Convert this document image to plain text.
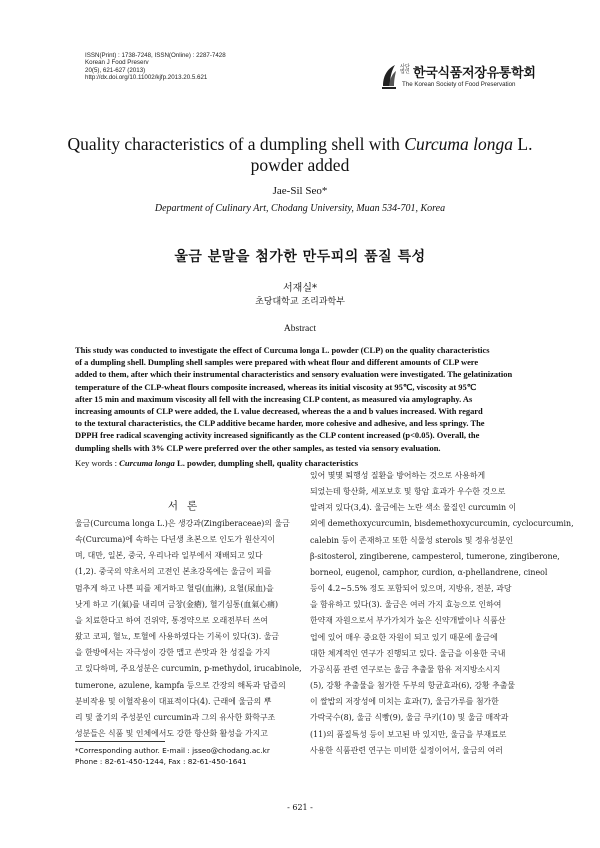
ISSN(Print) : 1738-7248, ISSN(Online) : 2287-7428
Korean J Food Preserv
20(5), 621-627 (2013)
http://dx.doi.org/10.11002/kjfp.2013.20.5.621
사단
법인 한국식품저장유통학회
The Korean Society of Food Preservation
Quality characteristics of a dumpling shell with Curcuma longa L.
powder added
Jae-Sil Seo*
Department of Culinary Art, Chodang University, Muan 534-701, Korea
울금 분말을 첨가한 만두피의 품질 특성
서재실*
초당대학교 조리과학부
Abstract
This study was conducted to investigate the effect of Curcuma longa L. powder (CLP) on the quality characteristics
of a dumpling shell. Dumpling shell samples were prepared with wheat flour and different amounts of CLP were
added to them, after which their instrumental characteristics and sensory evaluation were investigated. The gelatinization
temperature of the CLP-wheat flours composite increased, whereas its initial viscosity at 95℃, viscosity at 95℃
after 15 min and maximum viscosity all fell with the increasing CLP content, as measured via amylography. As
increasing amounts of CLP were added, the L value decreased, whereas the a and b values increased. With regard
to the textural characteristics, the CLP additive became harder, more cohesive and adhesive, and less springy. The
DPPH free radical scavenging activity increased significantly as the CLP content increased (p<0.05). Overall, the
dumpling shells with 3% CLP were preferred over the other samples, as tested via sensory evaluation.
Key words : Curcuma longa L. powder, dumpling shell, quality characteristics
서론
울금(Curcuma longa L.)은 생강과(Zingiberaceae)의 울금
속(Curcuma)에 속하는 다년생 초본으로 인도가 원산지이
며, 대만, 일본, 중국, 우리나라 일부에서 재배되고 있다
(1,2). 중국의 약초서의 고전인 본초강목에는 울금이 피를
멈추게 하고 나쁜 피를 제거하고 혈림(血淋), 요혈(尿血)을
낫게 하고 기(氣)를 내리며 금창(金瘡), 혈기심통(血氣心痛)
을 치료한다고 하여 건위약, 통경약으로 오래전부터 쓰여
왔고 코피, 혈뇨, 토혈에 사용하였다는 기록이 있다(3). 울금
을 한방에서는 자극성이 강한 맵고 쓴맛과 찬 성질을 가지
고 있다하며, 주요성분은 curcumin, p-methydol, irucabinole,
tumerone, azulene, kampfa 등으로 간장의 해독과 담즙의
분비작용 및 이혈작용이 대표적이다(4). 근래에 울금의 뿌
리 및 줄기의 주성분인 curcumin과 그의 유사한 화학구조
성분들은 식품 및 인체에서도 강한 항산화 활성을 가지고
있어 몇몇 퇴행성 질환을 방어하는 것으로 사용하게
되었는데 항산화, 세포보호 및 항암 효과가 우수한 것으로
알려져 있다(3,4). 울금에는 노란 색소 물질인 curcumin 이
외에 demethoxycurcumin, bisdemethoxycurcumin, cyclocurcumin,
calebin 등이 존재하고 또한 식물성 sterols 및 정유성분인
β-sitosterol, zingiberene, campesterol, tumerone, zingiberone,
borneol, eugenol, camphor, curdion, α-phellandrene, cineol
등이 4.2∼5.5% 정도 포함되어 있으며, 지방유, 전분, 과당
을 함유하고 있다(3). 울금은 여러 가지 효능으로 인하여
한약재 자원으로서 부가가치가 높은 신약개발이나 식품산
업에 있어 매우 중요한 자원이 되고 있기 때문에 울금에
대한 체계적인 연구가 진행되고 있다. 울금을 이용한 국내
가공식품 관련 연구로는 울금 추출물 함유 저지방소시지
(5), 강황 추출물을 첨가한 두부의 항균효과(6), 강황 추출물
이 쌀밥의 저장성에 미치는 효과(7), 울금가루를 첨가한
가락국수(8), 울금 식빵(9), 울금 쿠키(10) 및 울금 매작과
(11)의 품질특성 등이 보고된 바 있지만, 울금을 부재료로
사용한 식품관련 연구는 미비한 실정이어서, 울금의 여러
*Corresponding author. E-mail : jsseo@chodang.ac.kr
Phone : 82-61-450-1244, Fax : 82-61-450-1641
- 621 -
